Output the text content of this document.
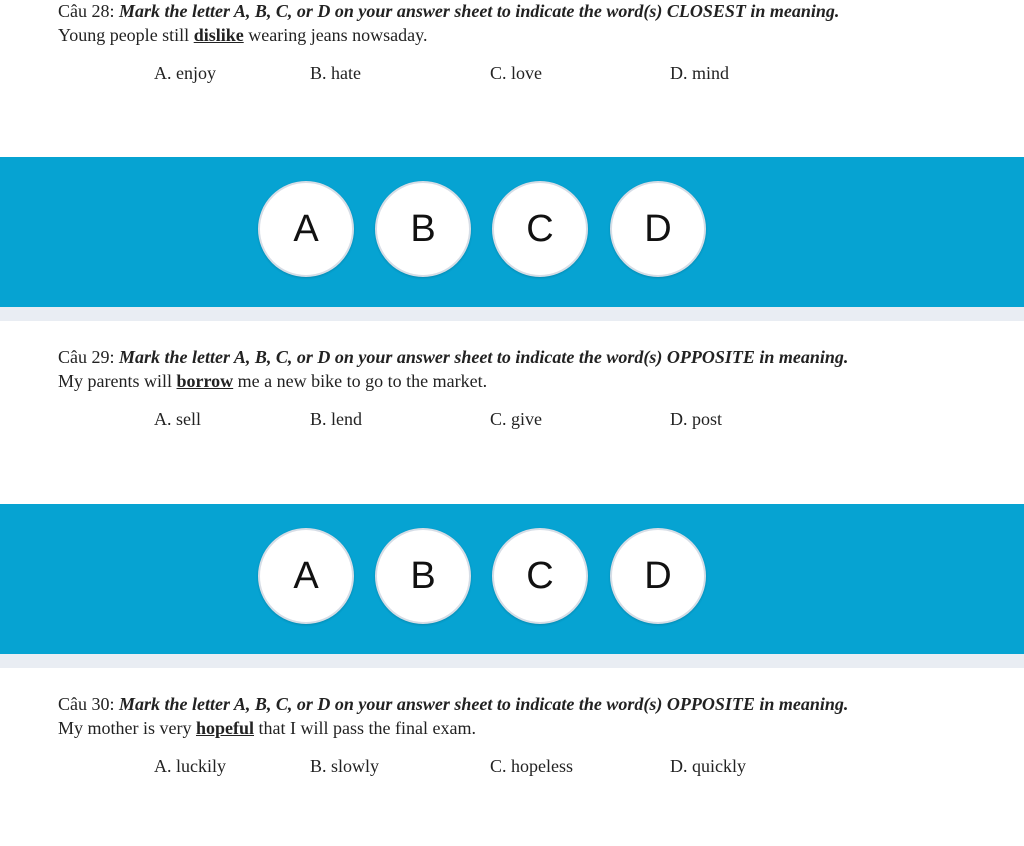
Câu 28: Mark the letter A, B, C, or D on your answer sheet to indicate the word(s) CLOSEST in meaning.
Young people still dislike wearing jeans nowsaday.
A. enjoy	B. hate	C. love	D. mind
A	B	C	D
Câu 29: Mark the letter A, B, C, or D on your answer sheet to indicate the word(s) OPPOSITE in meaning.
My parents will borrow me a new bike to go to the market.
A. sell	B. lend	C. give	D. post
A	B	C	D
Câu 30: Mark the letter A, B, C, or D on your answer sheet to indicate the word(s) OPPOSITE in meaning.
My mother is very hopeful that I will pass the final exam.
A. luckily	B. slowly	C. hopeless	D. quickly
